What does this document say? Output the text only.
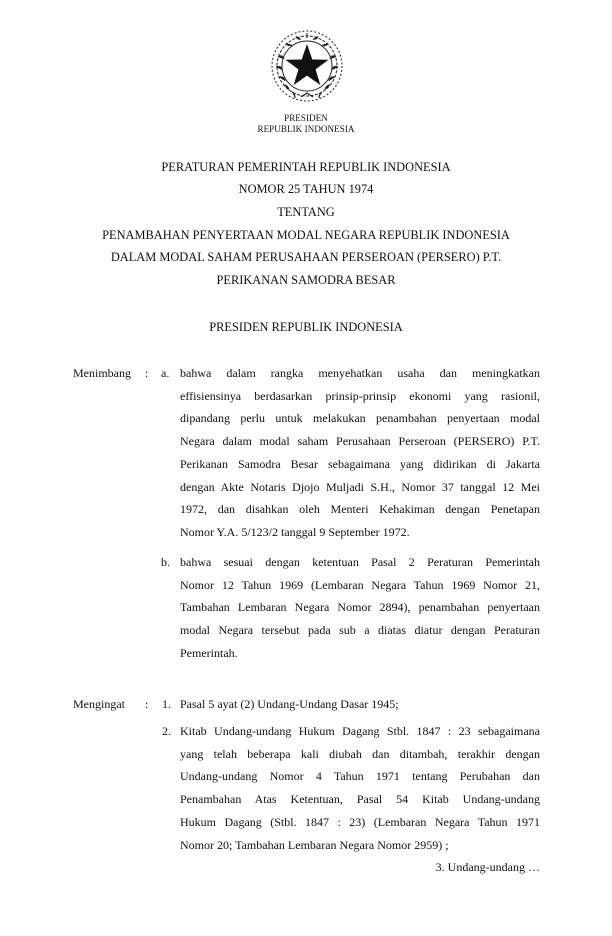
PRESIDEN
REPUBLIK INDONESIA
PERATURAN PEMERINTAH REPUBLIK INDONESIA
NOMOR 25 TAHUN 1974
TENTANG
PENAMBAHAN PENYERTAAN MODAL NEGARA REPUBLIK INDONESIA
DALAM MODAL SAHAM PERUSAHAAN PERSEROAN (PERSERO) P.T.
PERIKANAN SAMODRA BESAR
PRESIDEN REPUBLIK INDONESIA
Menimbang : a. bahwa dalam rangka menyehatkan usaha dan meningkatkan
effisiensinya berdasarkan prinsip-prinsip ekonomi yang rasionil,
dipandang perlu untuk melakukan penambahan penyertaan modal
Negara dalam modal saham Perusahaan Perseroan (PERSERO) P.T.
Perikanan Samodra Besar sebagaimana yang didirikan di Jakarta
dengan Akte Notaris Djojo Muljadi S.H., Nomor 37 tanggal 12 Mei
1972, dan disahkan oleh Menteri Kehakiman dengan Penetapan
Nomor Y.A. 5/123/2 tanggal 9 September 1972.
b. bahwa sesuai dengan ketentuan Pasal 2 Peraturan Pemerintah
Nomor 12 Tahun 1969 (Lembaran Negara Tahun 1969 Nomor 21,
Tambahan Lembaran Negara Nomor 2894), penambahan penyertaan
modal Negara tersebut pada sub a diatas diatur dengan Peraturan
Pemerintah.
Mengingat : 1. Pasal 5 ayat (2) Undang-Undang Dasar 1945;
2. Kitab Undang-undang Hukum Dagang Stbl. 1847 : 23 sebagaimana
yang telah beberapa kali diubah dan ditambah, terakhir dengan
Undang-undang Nomor 4 Tahun 1971 tentang Perubahan dan
Penambahan Atas Ketentuan, Pasal 54 Kitab Undang-undang
Hukum Dagang (Stbl. 1847 : 23) (Lembaran Negara Tahun 1971
Nomor 20; Tambahan Lembaran Negara Nomor 2959) ;
3. Undang-undang …
